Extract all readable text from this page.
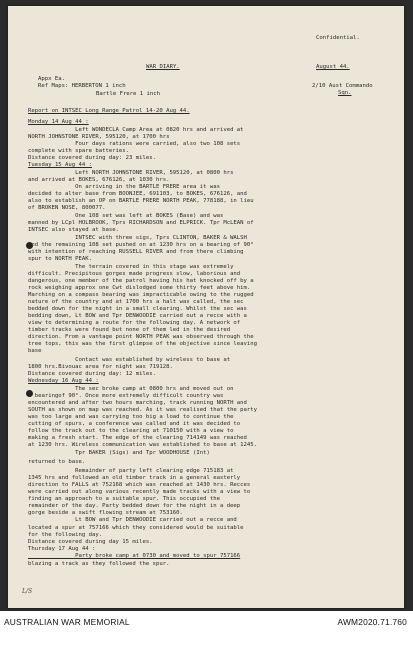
Confidential.

WAR DIARY.	August 44.

Appx Ea.

Ref Maps: HERBERTON 1 inch

Bartle Frere 1 inch

2/10 Aust Commando

Sqn.

Report on INTSEC Long Range Patrol 14-20 Aug 44.

Monday 14 Aug 44 :

Left WONDECLA Camp Area at 0820 hrs and arrived at

NORTH JOHNSTONE RIVER, 595120, at 1700 hrs

Four days rations were carried, also two 108 sets

complete with spare batteries.

Distance covered during day: 23 miles.

Tuesday 15 Aug 44 :

Left NORTH JOHNSTONE RIVER, 595120, at 0800 hrs

and arrived at BOKES, 676126, at 1030 hrs.

On arriving in the BARTLE FRERE area it was

decided to alter base from BOONJEE, 691103, to BOKES, 676126, and

also to establish an OP on BARTLE FRERE NORTH PEAK, 778188, in lieu

of BROKEN NOSE, 800077.

One 108 set was left at BOKES (Base) and was

manned by LCpl HOLBROOK, Tprs RICHARDSON and ELPRICK. Tpr McLEAN of

INTSEC also stayed at base.

INTSEC with three sigs, Tprs CLINTON, BAKER & WALSH

and the remaining 108 set pushed on at 1230 hrs on a bearing of 90°

with intention of reaching RUSSELL RIVER and from there climbing

spur to NORTH PEAK.

The terrain covered in this stage was extremely

difficult. Precipitous gorges made progress slow, laborious and

dangerous, one member of the patrol having his hat knocked off by a

rock weighing approx one Cwt dislodged some thirty feet above him.

Marching on a compass bearing was impracticable owing to the rugged

nature of the country and at 1700 hrs a halt was called, the sec

bedded down for the night in a small clearing. Whilst the sec was

bedding down, Lt BOW and Tpr DENWOODIE carried out a recce with a

view to determining a route for the following day. A network of

timber tracks were found but none of them led in the desired

direction. From a vantage point NORTH PEAK was observed through the

tree tops, this was the first glimpse of the objective since leaving

base

Contact was established by wireless to base at

1800 hrs.Bivouac area for night was 719128.

Distance covered during day: 12 miles.

Wednesday 16 Aug 44 :

The sec broke camp at 0800 hrs and moved out on

a bearingof 90°. Once more extremely difficult country was

encountered and after two hours marching, track running NORTH and

SOUTH as shown on map was reached. As it was realised that the party

was too large and was carrying too big a load to continue the

cutting of spurs, a conference was called and it was decided to

follow the track out to the clearing at 710150 with a view to

making a fresh start. The edge of the clearing 714149 was reached

at 1230 hrs. Wireless communication was established to base at 1245.

Tpr BAKER (Sigs) and Tpr WOODHOUSE (Int)

returned to base.

Remainder of party left clearing edge 715183 at

1345 hrs and followed an old timber track in a general easterly

direction to FALLS at 752168 which was reached at 1430 hrs. Recces

were carried out along various recently made tracks with a view to

finding an approach to a suitable spur. This occupied the

remainder of the day. Party bedded down for the night in a deep

gorge beside a swift flowing stream at 753160.

Lt BOW and Tpr DENWOODIE carried out a recce and

located a spur at 757166 which they considered would be suitable

for the following day.

Distance covered during day 15 miles.

Thursday 17 Aug 44 :

Party broke camp at 0730 and moved to spur 757166

blazing a track as they followed the spur.

L/S
AUSTRALIAN WAR MEMORIAL	AWM2020.71.760
